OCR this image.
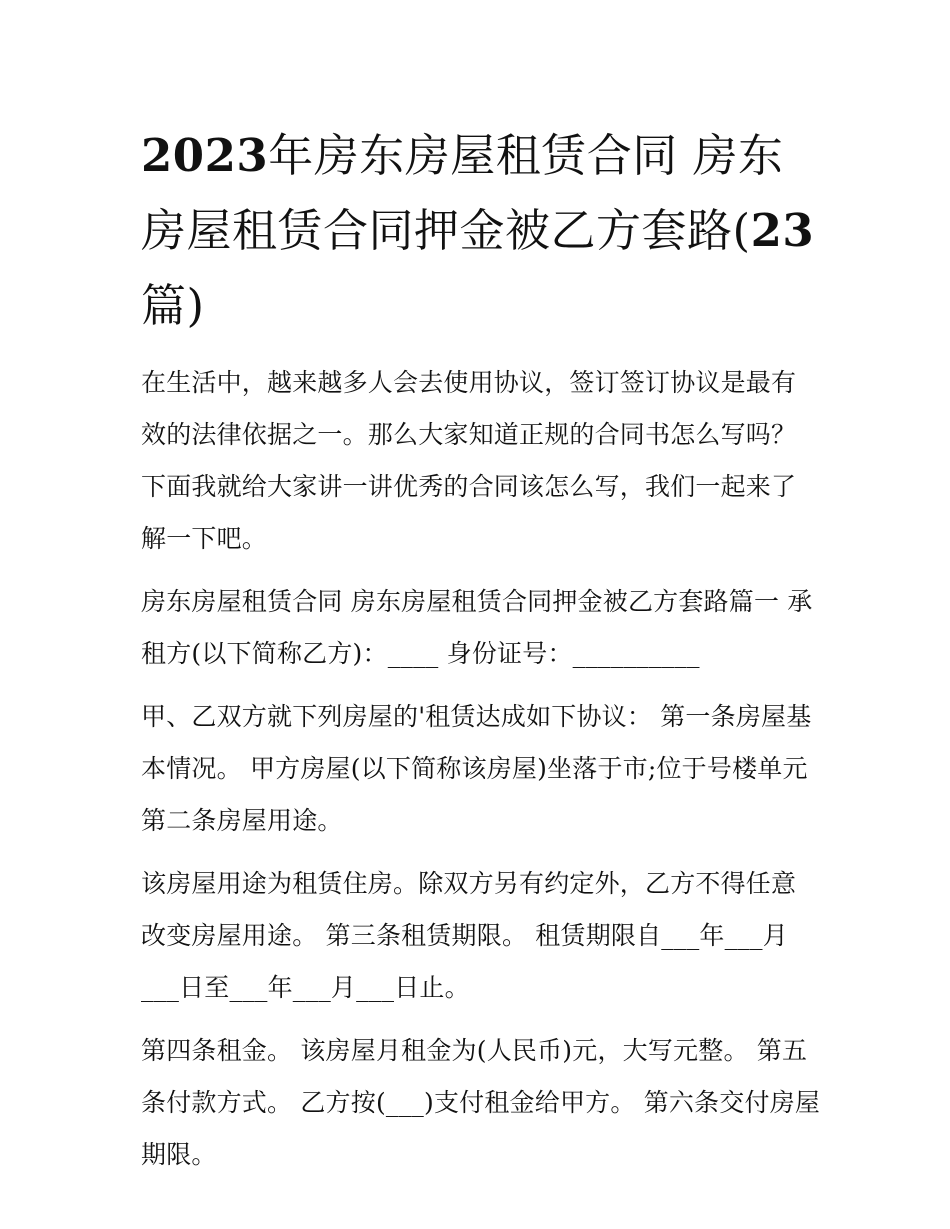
2023年房东房屋租赁合同 房东房屋租赁合同押金被乙方套路(23篇)

在生活中，越来越多人会去使用协议，签订签订协议是最有效的法律依据之一。那么大家知道正规的合同书怎么写吗？下面我就给大家讲一讲优秀的合同该怎么写，我们一起来了解一下吧。

房东房屋租赁合同 房东房屋租赁合同押金被乙方套路篇一 承租方(以下简称乙方)：____ 身份证号：__________

甲、乙双方就下列房屋的'租赁达成如下协议： 第一条房屋基本情况。 甲方房屋(以下简称该房屋)坐落于市;位于号楼单元第二条房屋用途。

该房屋用途为租赁住房。除双方另有约定外，乙方不得任意改变房屋用途。 第三条租赁期限。 租赁期限自___年___月___日至___年___月___日止。

第四条租金。 该房屋月租金为(人民币)元，大写元整。 第五条付款方式。 乙方按(___)支付租金给甲方。 第六条交付房屋期限。
